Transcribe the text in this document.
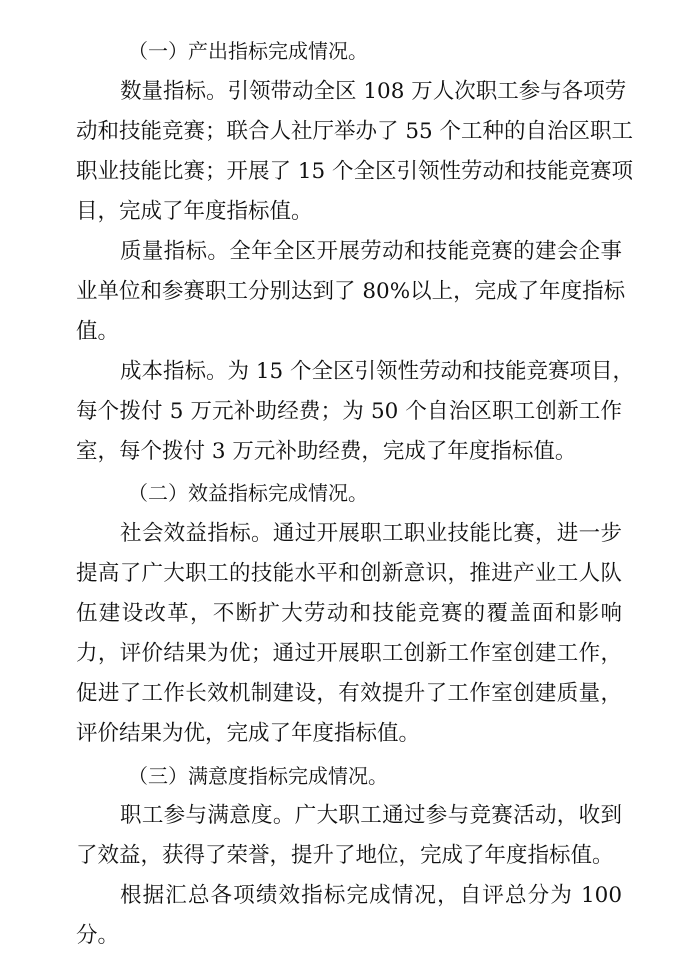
（一）产出指标完成情况。
数量指标。引领带动全区 108 万人次职工参与各项劳
动和技能竞赛；联合人社厅举办了 55 个工种的自治区职工
职业技能比赛；开展了 15 个全区引领性劳动和技能竞赛项
目，完成了年度指标值。
质量指标。全年全区开展劳动和技能竞赛的建会企事
业单位和参赛职工分别达到了 80%以上，完成了年度指标
值。
成本指标。为 15 个全区引领性劳动和技能竞赛项目，
每个拨付 5 万元补助经费；为 50 个自治区职工创新工作
室，每个拨付 3 万元补助经费，完成了年度指标值。
（二）效益指标完成情况。
社会效益指标。通过开展职工职业技能比赛，进一步
提高了广大职工的技能水平和创新意识，推进产业工人队
伍建设改革，不断扩大劳动和技能竞赛的覆盖面和影响
力，评价结果为优；通过开展职工创新工作室创建工作，
促进了工作长效机制建设，有效提升了工作室创建质量，
评价结果为优，完成了年度指标值。
（三）满意度指标完成情况。
职工参与满意度。广大职工通过参与竞赛活动，收到
了效益，获得了荣誉，提升了地位，完成了年度指标值。
根据汇总各项绩效指标完成情况，自评总分为 100
分。
